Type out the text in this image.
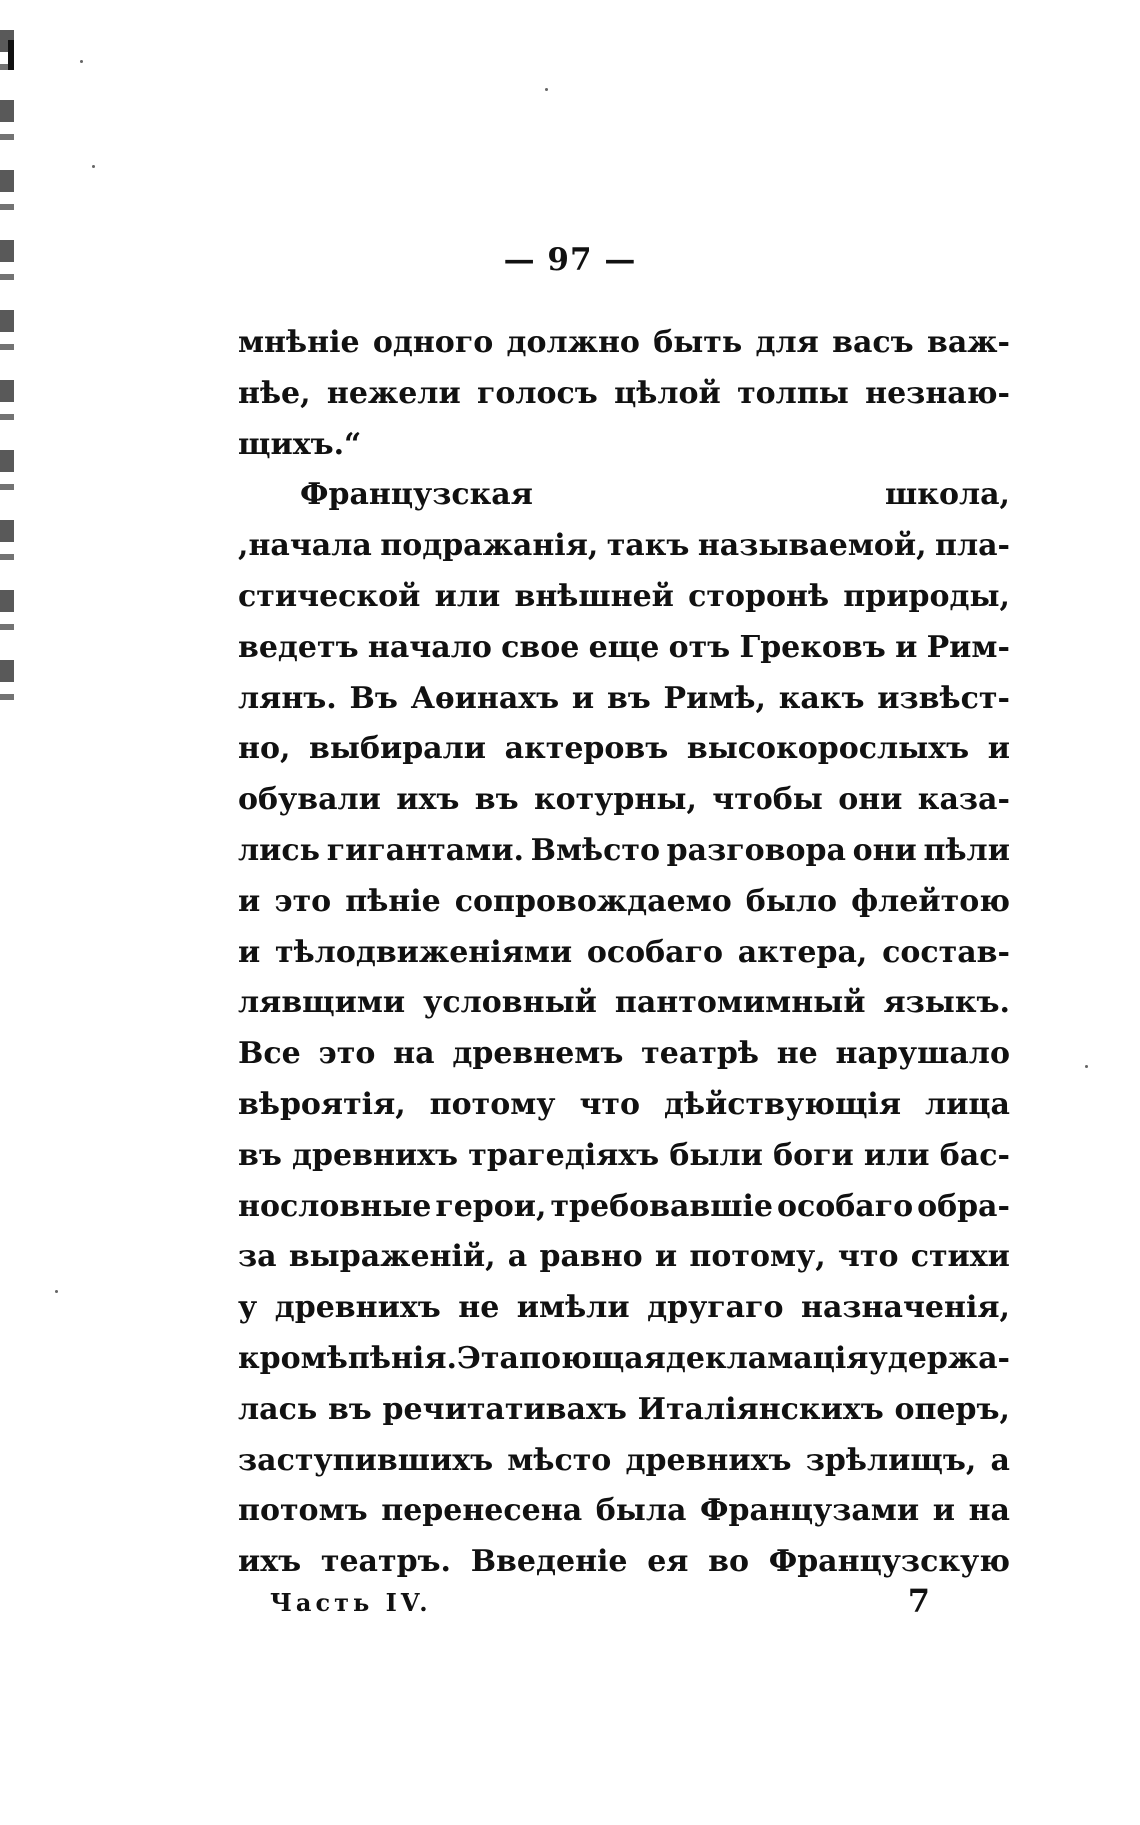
— 97 —
мнѣніе одного должно быть для васъ важ-
нѣе, нежели голосъ цѣлой толпы незнаю-
щихъ.“
Французская	школа,
,начала подражанія, такъ называемой, пла-
стической или внѣшней сторонѣ природы,
ведетъ начало свое еще отъ Грековъ и Рим-
лянъ. Въ Аѳинахъ и въ Римѣ, какъ извѣст-
но, выбирали актеровъ высокорослыхъ и
обували ихъ въ котурны, чтобы они каза-
лись гигантами. Вмѣсто разговора они пѣли
и это пѣніе сопровождаемо было флейтою
и тѣлодвиженіями особаго актера, состав-
лявщими условный пантомимный языкъ.
Все это на древнемъ театрѣ не нарушало
вѣроятія, потому что дѣйствующія лица
въ древнихъ трагедіяхъ были боги или бас-
нословные герои, требовавшіе особаго обра-
за выраженій, а равно и потому, что стихи
у древнихъ не имѣли другаго назначенія,
кромѣ пѣнія. Эта поющая декламація удержа-
лась въ речитативахъ Италіянскихъ оперъ,
заступившихъ мѣсто древнихъ зрѣлищъ, а
потомъ перенесена была Французами и на
ихъ театръ. Введеніе ея во Французскую
Часть IV.	7
